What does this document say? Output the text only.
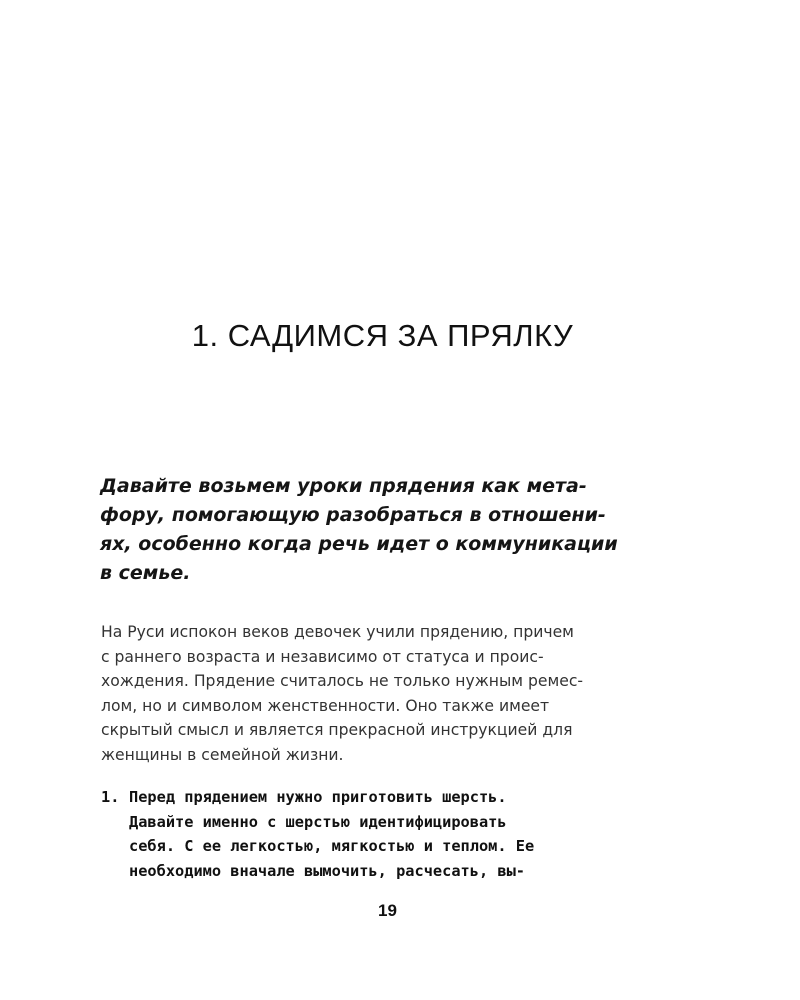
1. САДИМСЯ ЗА ПРЯЛКУ

Давайте возьмем уроки прядения как мета-
фору, помогающую разобраться в отношени-
ях, особенно когда речь идет о коммуникации
в семье.

На Руси испокон веков девочек учили прядению, причем
с раннего возраста и независимо от статуса и проис-
хождения. Прядение считалось не только нужным ремес-
лом, но и символом женственности. Оно также имеет
скрытый смысл и является прекрасной инструкцией для
женщины в семейной жизни.

1. Перед прядением нужно приготовить шерсть.
Давайте именно с шерстью идентифицировать
себя. С ее легкостью, мягкостью и теплом. Ее
необходимо вначале вымочить, расчесать, вы-
19
